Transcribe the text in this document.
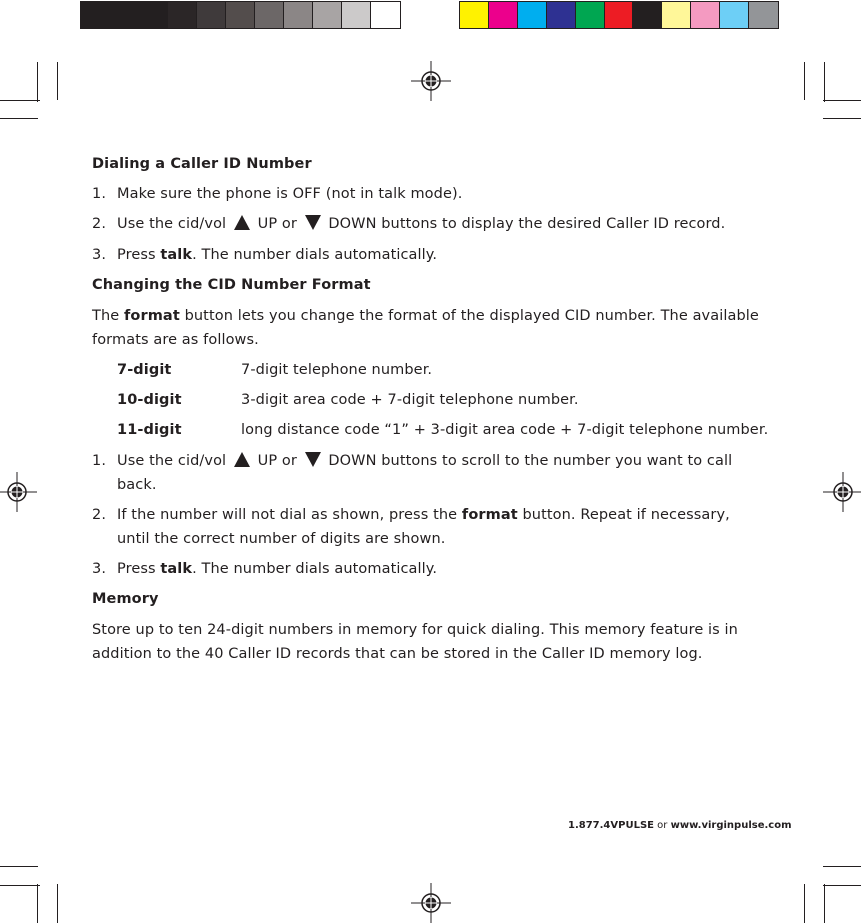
Dialing a Caller ID Number
1. Make sure the phone is OFF (not in talk mode).
2. Use the cid/vol UP or DOWN buttons to display the desired Caller ID record.
3. Press talk. The number dials automatically.
Changing the CID Number Format
The format button lets you change the format of the displayed CID number. The available
formats are as follows.
7-digit	7-digit telephone number.
10-digit	3-digit area code + 7-digit telephone number.
11-digit	long distance code “1” + 3-digit area code + 7-digit telephone number.
1. Use the cid/vol UP or DOWN buttons to scroll to the number you want to call
back.
2. If the number will not dial as shown, press the format button. Repeat if necessary,
until the correct number of digits are shown.
3. Press talk. The number dials automatically.
Memory
Store up to ten 24-digit numbers in memory for quick dialing. This memory feature is in
addition to the 40 Caller ID records that can be stored in the Caller ID memory log.
1.877.4VPULSE or www.virginpulse.com
